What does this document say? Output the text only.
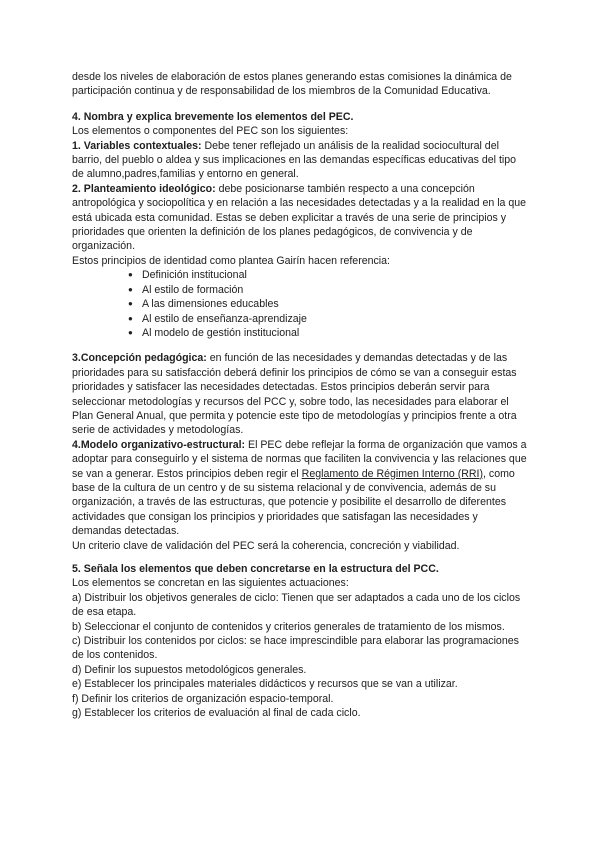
desde los niveles de elaboración de estos planes generando estas comisiones la dinámica de participación continua y de responsabilidad de los miembros de la Comunidad Educativa.

4. Nombra y explica brevemente los elementos del PEC.

Los elementos o componentes del PEC son los siguientes:

1. Variables contextuales: Debe tener reflejado un análisis de la realidad sociocultural del barrio, del pueblo o aldea y sus implicaciones en las demandas específicas educativas del tipo de alumno,padres,familias y entorno en general.

2. Planteamiento ideológico: debe posicionarse también respecto a una concepción antropológica y sociopolítica y en relación a las necesidades detectadas y a la realidad en la que está ubicada esta comunidad. Estas se deben explicitar a través de una serie de principios y prioridades que orienten la definición de los planes pedagógicos, de convivencia y de organización.

Estos principios de identidad como plantea Gairín hacen referencia:

● Definición institucional
● Al estilo de formación
● A las dimensiones educables
● Al estilo de enseñanza-aprendizaje
● Al modelo de gestión institucional

3.Concepción pedagógica: en función de las necesidades y demandas detectadas y de las prioridades para su satisfacción deberá definir los principios de cómo se van a conseguir estas prioridades y satisfacer las necesidades detectadas. Estos principios deberán servir para seleccionar metodologías y recursos del PCC y, sobre todo, las necesidades para elaborar el Plan General Anual, que permita y potencie este tipo de metodologías y principios frente a otra serie de actividades y metodologías.

4.Modelo organizativo-estructural: El PEC debe reflejar la forma de organización que vamos a adoptar para conseguirlo y el sistema de normas que faciliten la convivencia y las relaciones que se van a generar. Estos principios deben regir el Reglamento de Régimen Interno (RRI), como base de la cultura de un centro y de su sistema relacional y de convivencia, además de su organización, a través de las estructuras, que potencie y posibilite el desarrollo de diferentes actividades que consigan los principios y prioridades que satisfagan las necesidades y demandas detectadas.

Un criterio clave de validación del PEC será la coherencia, concreción y viabilidad.

5. Señala los elementos que deben concretarse en la estructura del PCC.

Los elementos se concretan en las siguientes actuaciones:

a) Distribuir los objetivos generales de ciclo: Tienen que ser adaptados a cada uno de los ciclos de esa etapa.

b) Seleccionar el conjunto de contenidos y criterios generales de tratamiento de los mismos.

c) Distribuir los contenidos por ciclos: se hace imprescindible para elaborar las programaciones de los contenidos.

d) Definir los supuestos metodológicos generales.

e) Establecer los principales materiales didácticos y recursos que se van a utilizar.

f) Definir los criterios de organización espacio-temporal.

g) Establecer los criterios de evaluación al final de cada ciclo.
